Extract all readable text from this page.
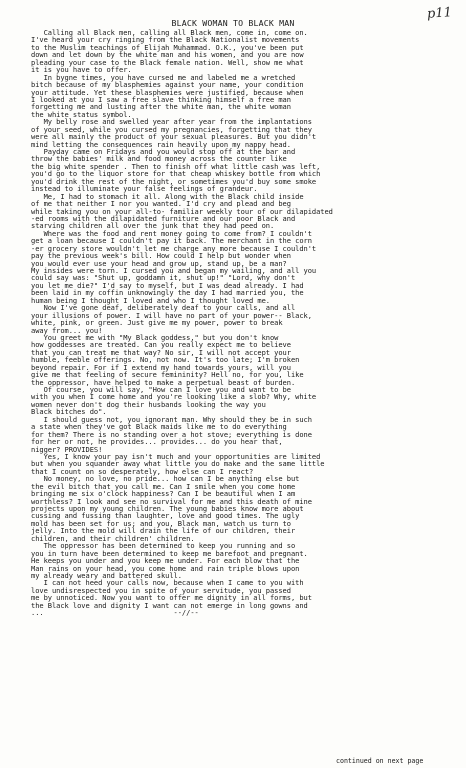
p11
BLACK WOMAN TO BLACK MAN
Calling all Black men, calling all Black men, come in, come on.
I've heard your cry ringing from the Black Nationalist movements
to the Muslim teachings of Elijah Muhammad. O.K., you've been put
down and let down by the white man and his women, and you are now
pleading your case to the Black female nation. Well, show me what
it is you have to offer.
In bygne times, you have cursed me and labeled me a wretched
bitch because of my blasphemies against your name, your condition
your attitude. Yet these blasphemies were justified, because when
I looked at you I saw a free slave thinking himself a free man
forgetting me and lusting after the white man, the white woman
the white status symbol.
My belly rose and swelled year after year from the implantations
of your seed, while you cursed my pregnancies, forgetting that they
were all mainly the product of your sexual pleasures. But you didn't
mind letting the consequences rain heavily upon my nappy head.
Payday came on Fridays and you would stop off at the bar and
throw the babies' milk and food money across the counter like
the big white spender . Then to finish off what little cash was left,
you'd go to the liquor store for that cheap whiskey bottle from which
you'd drink the rest of the night, or sometimes you'd buy some smoke
instead to illuminate your false feelings of grandeur.
Me, I had to stomach it all. Along with the Black child inside
of me that neither I nor you wanted. I'd cry and plead and beg
while taking you on your all-to- familiar weekly tour of our dilapidated
-ed rooms with the dilapidated furniture and our poor Black and
starving children all over the junk that they had peed on.
Where was the food and rent money going to come from? I couldn't
get a loan because I couldn't pay it back. The merchant in the corn
-er grocery store wouldn't let me charge any more because I couldn't
pay the previous week's bill. How could I help but wonder when
you would ever use your head and grow up, stand up, be a man?
My insides were torn. I cursed you and began my wailing, and all you
could say was: "Shut up, goddamn it, shut up!" "Lord, why don't
you let me die?" I'd say to myself, but I was dead already. I had
been laid in my coffin unknowingly the day I had married you, the
human being I thought I loved and who I thought loved me.
Now I've gone deaf, deliberately deaf to your calls, and all
your illusions of power. I will have no part of your power-- Black,
white, pink, or green. Just give me my power, power to break
away from... you!
You greet me with "My Black goddess," but you don't know
how goddesses are treated. Can you really expect me to believe
that you can treat me that way? No sir, I will not accept your
humble, feeble offerings. No, not now. It's too late; I'm broken
beyond repair. For if I extend my hand towards yours, will you
give me that feeling of secure femininity? Hell no, for you, like
the oppressor, have helped to make a perpetual beast of burden.
Of course, you will say, "How can I love you and want to be
with you when I come home and you're looking like a slob? Why, white
women never don't dog their husbands looking the way you
Black bitches do".
I should guess not, you ignorant man. Why should they be in such
a state when they've got Black maids like me to do everything
for them? There is no standing over a hot stove; everything is done
for her or not, he provides... provides... do you hear that,
nigger? PROVIDES!
Yes, I know your pay isn't much and your opportunities are limited
but when you squander away what little you do make and the same little
that I count on so desperately, how else can I react?
No money, no love, no pride... how can I be anything else but
the evil bitch that you call me. Can I smile when you come home
bringing me six o'clock happiness? Can I be beautiful when I am
worthless? I look and see no survival for me and this death of mine
projects upon my young children. The young babies know more about
cussing and fussing than laughter, love and good times. The ugly
mold has been set for us; and you, Black man, watch us turn to
jelly. Into the mold will drain the life of our children, their
children, and their children' children.
The oppressor has been determined to keep you running and so
you in turn have been determined to keep me barefoot and pregnant.
He keeps you under and you keep me under. For each blow that the
Man rains on your head, you come home and rain triple blows upon
my already weary and battered skull.
I can not heed your calls now, because when I came to you with
love undisrespected you in spite of your servitude, you passed
me by unnoticed. Now you want to offer me dignity in all forms, but
the Black love and dignity I want can not emerge in long gowns and
...                               --//--
continued on next page
